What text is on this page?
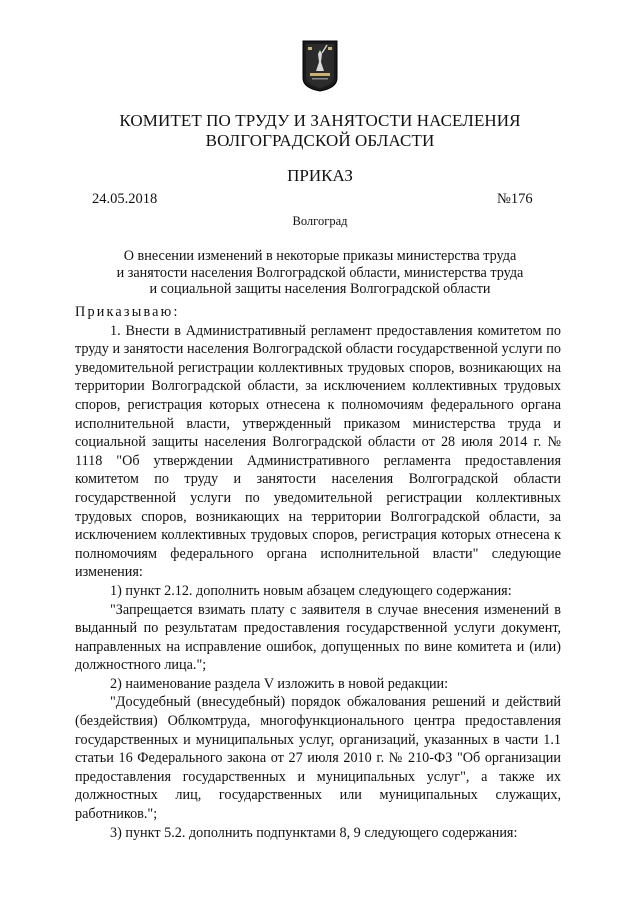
КОМИТЕТ ПО ТРУДУ И ЗАНЯТОСТИ НАСЕЛЕНИЯ
ВОЛГОГРАДСКОЙ ОБЛАСТИ
ПРИКАЗ
24.05.2018	№176
Волгоград
О внесении изменений в некоторые приказы министерства труда
и занятости населения Волгоградской области, министерства труда
и социальной защиты населения Волгоградской области

Приказываю:

1. Внести в Административный регламент предоставления комитетом по труду и занятости населения Волгоградской области государственной услуги по уведомительной регистрации коллективных трудовых споров, возникающих на территории Волгоградской области, за исключением коллективных трудовых споров, регистрация которых отнесена к полномочиям федерального органа исполнительной власти, утвержденный приказом министерства труда и социальной защиты населения Волгоградской области от 28 июля 2014 г. № 1118 "Об утверждении Административного регламента предоставления комитетом по труду и занятости населения Волгоградской области государственной услуги по уведомительной регистрации коллективных трудовых споров, возникающих на территории Волгоградской области, за исключением коллективных трудовых споров, регистрация которых отнесена к полномочиям федерального органа исполнительной власти" следующие изменения:

1) пункт 2.12. дополнить новым абзацем следующего содержания:

"Запрещается взимать плату с заявителя в случае внесения изменений в выданный по результатам предоставления государственной услуги документ, направленных на исправление ошибок, допущенных по вине комитета и (или) должностного лица.";

2) наименование раздела V изложить в новой редакции:

"Досудебный (внесудебный) порядок обжалования решений и действий (бездействия) Облкомтруда, многофункционального центра предоставления государственных и муниципальных услуг, организаций, указанных в части 1.1 статьи 16 Федерального закона от 27 июля 2010 г. № 210-ФЗ "Об организации предоставления государственных и муниципальных услуг", а также их должностных лиц, государственных или муниципальных служащих, работников.";

3) пункт 5.2. дополнить подпунктами 8, 9 следующего содержания:
